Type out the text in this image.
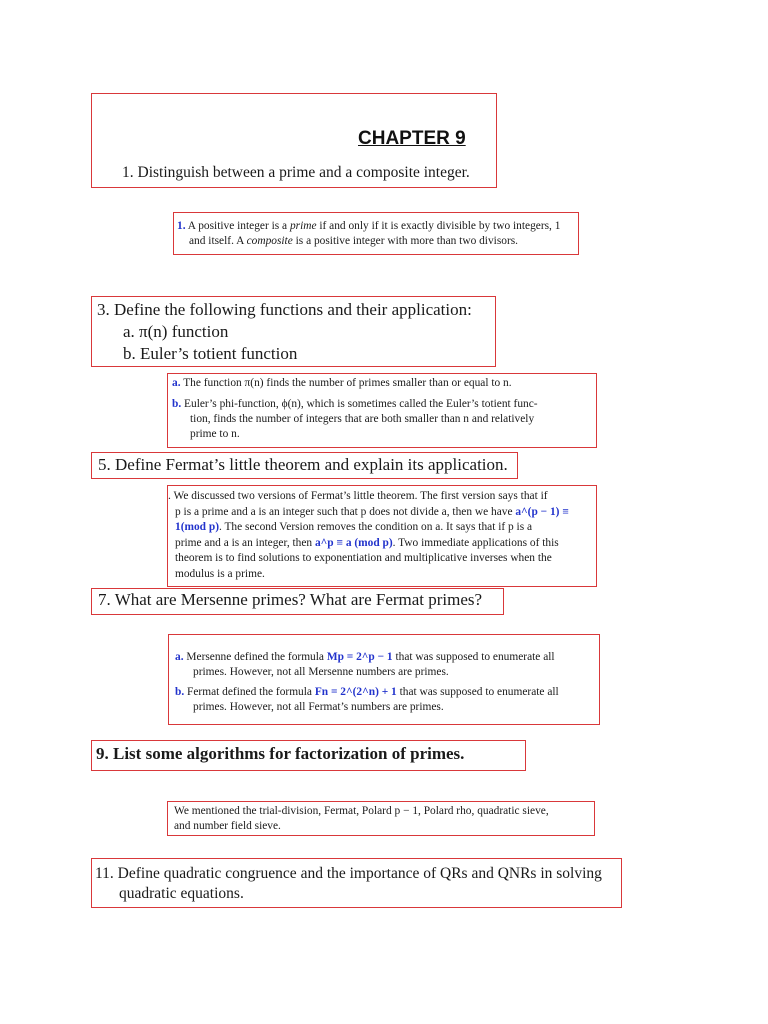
CHAPTER 9
1. Distinguish between a prime and a composite integer.
1. A positive integer is a prime if and only if it is exactly divisible by two integers, 1
and itself. A composite is a positive integer with more than two divisors.
3. Define the following functions and their application:
a. π(n) function
b. Euler’s totient function
a. The function π(n) finds the number of primes smaller than or equal to n.
b. Euler’s phi-function, ϕ(n), which is sometimes called the Euler’s totient func-
tion, finds the number of integers that are both smaller than n and relatively
prime to n.
5. Define Fermat’s little theorem and explain its application.
. We discussed two versions of Fermat’s little theorem. The first version says that if
p is a prime and a is an integer such that p does not divide a, then we have a^(p − 1) ≡
1(mod p). The second Version removes the condition on a. It says that if p is a
prime and a is an integer, then a^p ≡ a (mod p). Two immediate applications of this
theorem is to find solutions to exponentiation and multiplicative inverses when the
modulus is a prime.
7. What are Mersenne primes? What are Fermat primes?
a. Mersenne defined the formula Mp = 2^p − 1 that was supposed to enumerate all
primes. However, not all Mersenne numbers are primes.
b. Fermat defined the formula Fn = 2^(2^n) + 1 that was supposed to enumerate all
primes. However, not all Fermat’s numbers are primes.
9. List some algorithms for factorization of primes.
We mentioned the trial-division, Fermat, Polard p − 1, Polard rho, quadratic sieve,
and number field sieve.
11. Define quadratic congruence and the importance of QRs and QNRs in solving
quadratic equations.
